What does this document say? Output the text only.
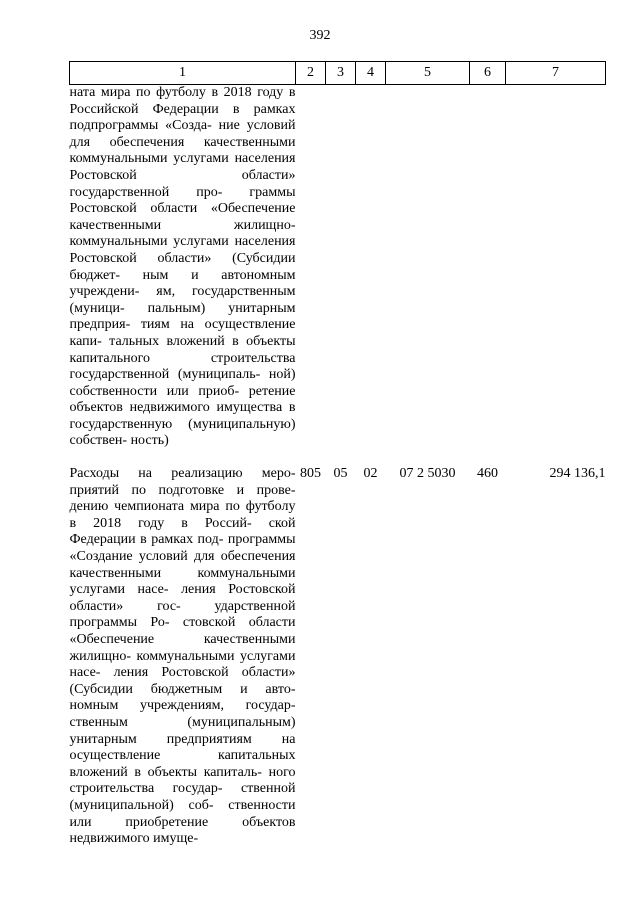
392
1	2	3	4	5	6	7
ната мира по футболу в 2018 году в Российской Федерации в рамках подпрограммы «Созда- ние условий для обеспечения качественными коммунальными услугами населения Ростовской области» государственной про- граммы Ростовской области «Обеспечение качественными жилищно-коммунальными услугами населения Ростовской области» (Субсидии бюджет- ным и автономным учреждени- ям, государственным (муници- пальным) унитарным предприя- тиям на осуществление капи- тальных вложений в объекты капитального строительства государственной (муниципаль- ной) собственности или приоб- ретение объектов недвижимого имущества в государственную (муниципальную) собствен- ность)						
Расходы на реализацию меро- приятий по подготовке и прове- дению чемпионата мира по футболу в 2018 году в Россий- ской Федерации в рамках под- программы «Создание условий для обеспечения качественными коммунальными услугами насе- ления Ростовской области» гос- ударственной программы Ро- стовской области «Обеспечение качественными жилищно- коммунальными услугами насе- ления Ростовской области» (Субсидии бюджетным и авто- номным учреждениям, государ- ственным (муниципальным) унитарным предприятиям на осуществление капитальных вложений в объекты капиталь- ного строительства государ- ственной (муниципальной) соб- ственности или приобретение объектов недвижимого имуще-	805	05	02	07 2 5030	460	294 136,1
